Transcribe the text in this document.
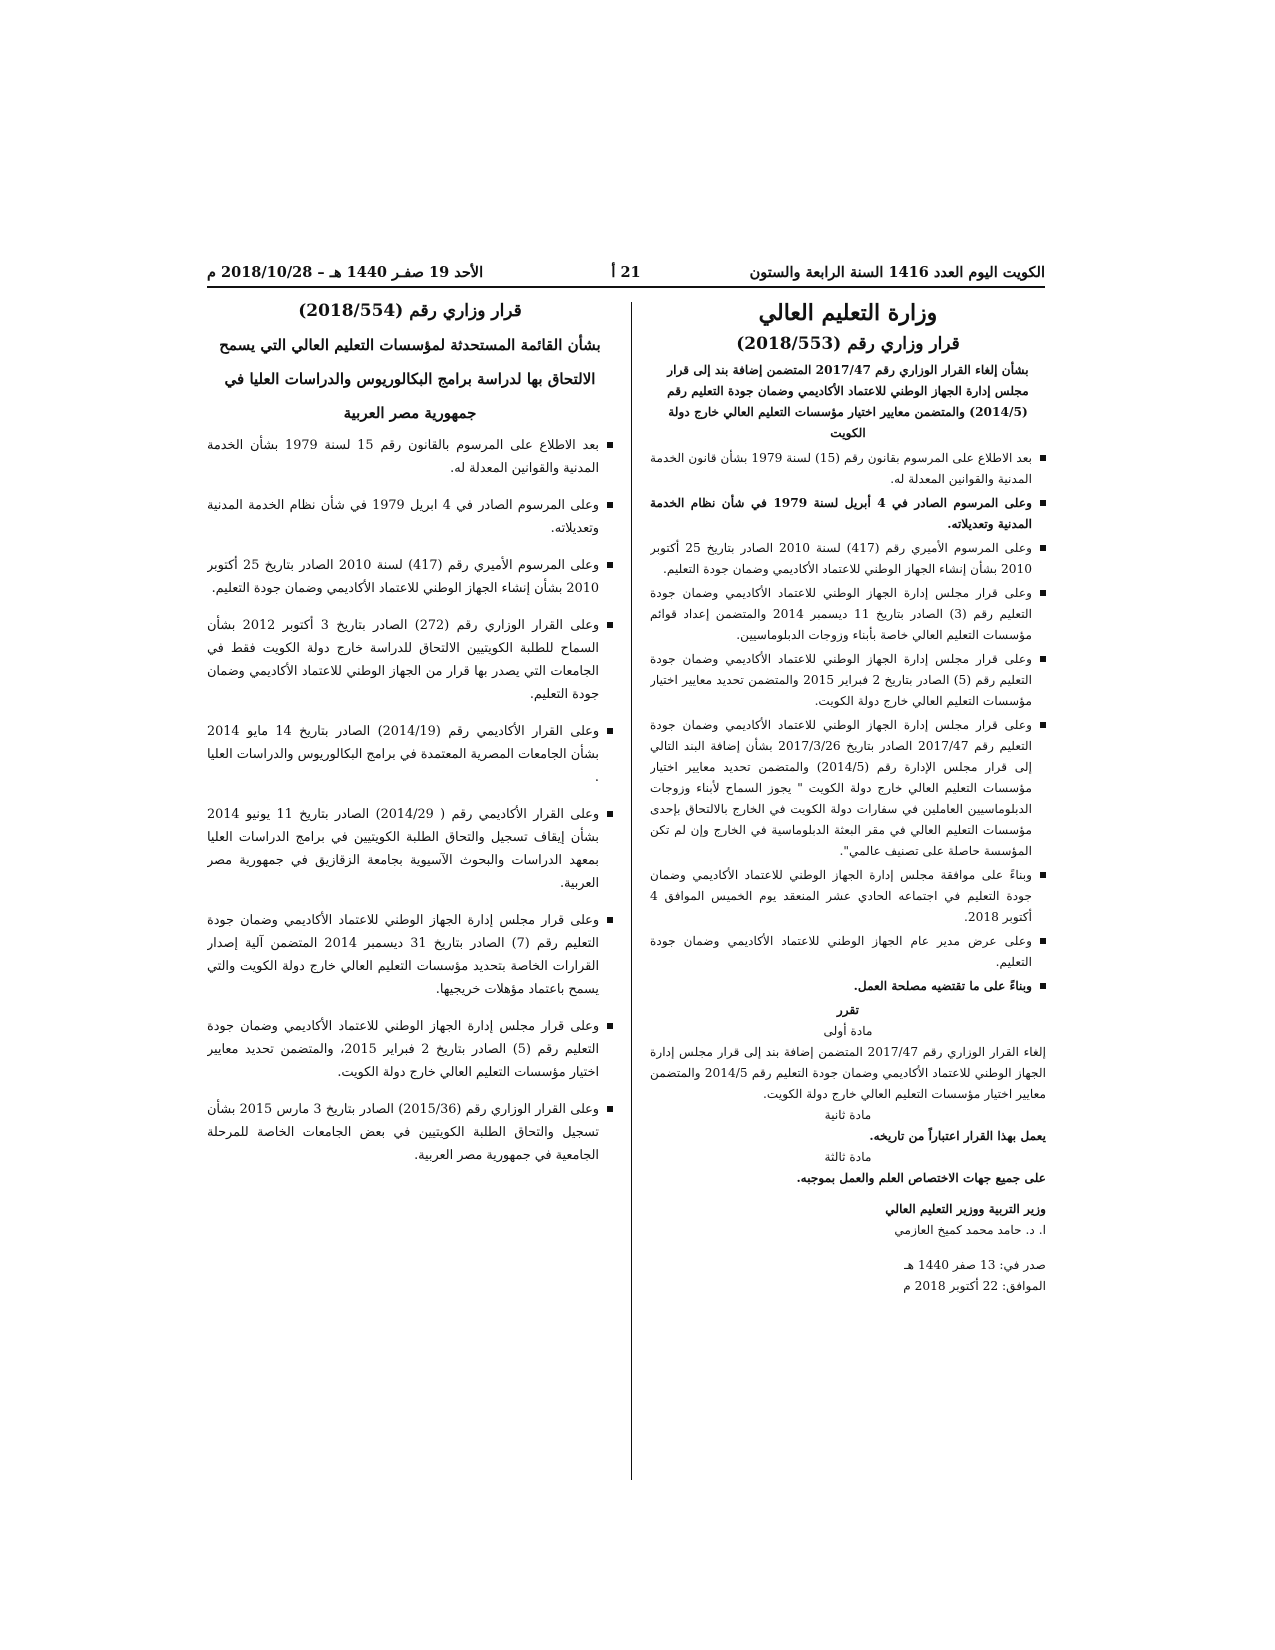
الكويت اليوم العدد 1416 السنة الرابعة والستون
21 أ
الأحد 19 صفـر 1440 هـ – 2018/10/28 م

وزارة التعليم العالي

قرار وزاري رقم (2018/553)

بشأن إلغاء القرار الوزاري رقم 2017/47 المتضمن إضافة بند إلى قرار مجلس إدارة الجهاز الوطني للاعتماد الأكاديمي وضمان جودة التعليم رقم (2014/5) والمتضمن معايير اختيار مؤسسات التعليم العالي خارج دولة الكويت

بعد الاطلاع على المرسوم بقانون رقم (15) لسنة 1979 بشأن قانون الخدمة المدنية والقوانين المعدلة له.
وعلى المرسوم الصادر في 4 أبريل لسنة 1979 في شأن نظام الخدمة المدنية وتعديلاته.
وعلى المرسوم الأميري رقم (417) لسنة 2010 الصادر بتاريخ 25 أكتوبر 2010 بشأن إنشاء الجهاز الوطني للاعتماد الأكاديمي وضمان جودة التعليم.
وعلى قرار مجلس إدارة الجهاز الوطني للاعتماد الأكاديمي وضمان جودة التعليم رقم (3) الصادر بتاريخ 11 ديسمبر 2014 والمتضمن إعداد قوائم مؤسسات التعليم العالي خاصة بأبناء وزوجات الدبلوماسيين.
وعلى قرار مجلس إدارة الجهاز الوطني للاعتماد الأكاديمي وضمان جودة التعليم رقم (5) الصادر بتاريخ 2 فبراير 2015 والمتضمن تحديد معايير اختيار مؤسسات التعليم العالي خارج دولة الكويت.
وعلى قرار مجلس إدارة الجهاز الوطني للاعتماد الأكاديمي وضمان جودة التعليم رقم 2017/47 الصادر بتاريخ 2017/3/26 بشأن إضافة البند التالي إلى قرار مجلس الإدارة رقم (2014/5) والمتضمن تحديد معايير اختيار مؤسسات التعليم العالي خارج دولة الكويت " يجوز السماح لأبناء وزوجات الدبلوماسيين العاملين في سفارات دولة الكويت في الخارج بالالتحاق بإحدى مؤسسات التعليم العالي في مقر البعثة الدبلوماسية في الخارج وإن لم تكن المؤسسة حاصلة على تصنيف عالمي".
وبناءً على موافقة مجلس إدارة الجهاز الوطني للاعتماد الأكاديمي وضمان جودة التعليم في اجتماعه الحادي عشر المنعقد يوم الخميس الموافق 4 أكتوبر 2018.
وعلى عرض مدير عام الجهاز الوطني للاعتماد الأكاديمي وضمان جودة التعليم.
وبناءً على ما تقتضيه مصلحة العمل.

تقرر

مادة أولى

إلغاء القرار الوزاري رقم 2017/47 المتضمن إضافة بند إلى قرار مجلس إدارة الجهاز الوطني للاعتماد الأكاديمي وضمان جودة التعليم رقم 2014/5 والمتضمن معايير اختيار مؤسسات التعليم العالي خارج دولة الكويت.

مادة ثانية

يعمل بهذا القرار اعتباراً من تاريخه.

مادة ثالثة

على جميع جهات الاختصاص العلم والعمل بموجبه.

وزير التربية ووزير التعليم العالي

ا. د. حامد محمد كميخ العازمي

صدر في: 13 صفر 1440 هـ

الموافق: 22 أكتوبر 2018 م

قرار وزاري رقم (2018/554)

بشأن القائمة المستحدثة لمؤسسات التعليم العالي التي يسمح الالتحاق بها لدراسة برامج البكالوريوس والدراسات العليا في جمهورية مصر العربية

بعد الاطلاع على المرسوم بالقانون رقم 15 لسنة 1979 بشأن الخدمة المدنية والقوانين المعدلة له.
وعلى المرسوم الصادر في 4 ابريل 1979 في شأن نظام الخدمة المدنية وتعديلاته.
وعلى المرسوم الأميري رقم (417) لسنة 2010 الصادر بتاريخ 25 أكتوبر 2010 بشأن إنشاء الجهاز الوطني للاعتماد الأكاديمي وضمان جودة التعليم.
وعلى القرار الوزاري رقم (272) الصادر بتاريخ 3 أكتوبر 2012 بشأن السماح للطلبة الكويتيين الالتحاق للدراسة خارج دولة الكويت فقط في الجامعات التي يصدر بها قرار من الجهاز الوطني للاعتماد الأكاديمي وضمان جودة التعليم.
وعلى القرار الأكاديمي رقم (2014/19) الصادر بتاريخ 14 مايو 2014 بشأن الجامعات المصرية المعتمدة في برامج البكالوريوس والدراسات العليا .
وعلى القرار الأكاديمي رقم ( 2014/29) الصادر بتاريخ 11 يونيو 2014 بشأن إيقاف تسجيل والتحاق الطلبة الكويتيين في برامج الدراسات العليا بمعهد الدراسات والبحوث الآسيوية بجامعة الزقازيق في جمهورية مصر العربية.
وعلى قرار مجلس إدارة الجهاز الوطني للاعتماد الأكاديمي وضمان جودة التعليم رقم (7) الصادر بتاريخ 31 ديسمبر 2014 المتضمن آلية إصدار القرارات الخاصة بتحديد مؤسسات التعليم العالي خارج دولة الكويت والتي يسمح باعتماد مؤهلات خريجيها.
وعلى قرار مجلس إدارة الجهاز الوطني للاعتماد الأكاديمي وضمان جودة التعليم رقم (5) الصادر بتاريخ 2 فبراير 2015، والمتضمن تحديد معايير اختيار مؤسسات التعليم العالي خارج دولة الكويت.
وعلى القرار الوزاري رقم (2015/36) الصادر بتاريخ 3 مارس 2015 بشأن تسجيل والتحاق الطلبة الكويتيين في بعض الجامعات الخاصة للمرحلة الجامعية في جمهورية مصر العربية.
